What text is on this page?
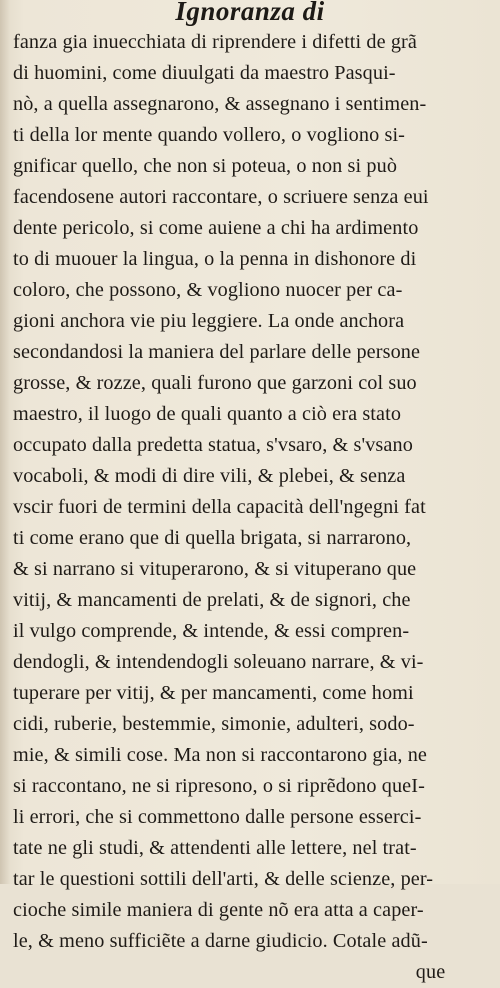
Ignoranza di
fanza gia inuecchiata di riprendere i difetti de grã
di huomini, come diuulgati da maestro Pasqui-
nò, a quella assegnarono, & assegnano i sentimen-
ti della lor mente quando vollero, o vogliono si-
gnificar quello, che non si poteua, o non si può
facendosene autori raccontare, o scriuere senza eui
dente pericolo, si come auiene a chi ha ardimento
to di muouer la lingua, o la penna in dishonore di
coloro, che possono, & vogliono nuocer per ca-
gioni anchora vie piu leggiere. La onde anchora
secondandosi la maniera del parlare delle persone
grosse, & rozze, quali furono que garzoni col suo
maestro, il luogo de quali quanto a ciò era stato
occupato dalla predetta statua, s'vsaro, & s'vsano
vocaboli, & modi di dire vili, & plebei, & senza
vscir fuori de termini della capacità dell'ngegni fat
ti come erano que di quella brigata, si narrarono,
& si narrano si vituperarono, & si vituperano que
vitij, & mancamenti de prelati, & de signori, che
il vulgo comprende, & intende, & essi compren-
dendogli, & intendendogli soleuano narrare, & vi-
tuperare per vitij, & per mancamenti, come homi
cidi, ruberie, bestemmie, simonie, adulteri, sodo-
mie, & simili cose. Ma non si raccontarono gia, ne
si raccontano, ne si ripresono, o si riprẽdono queI-
li errori, che si commettono dalle persone esserci-
tate ne gli studi, & attendenti alle lettere, nel trat-
tar le questioni sottili dell'arti, & delle scienze, per-
cioche simile maniera di gente nõ era atta a caper-
le, & meno sufficiẽte a darne giudicio. Cotale adũ-
que
